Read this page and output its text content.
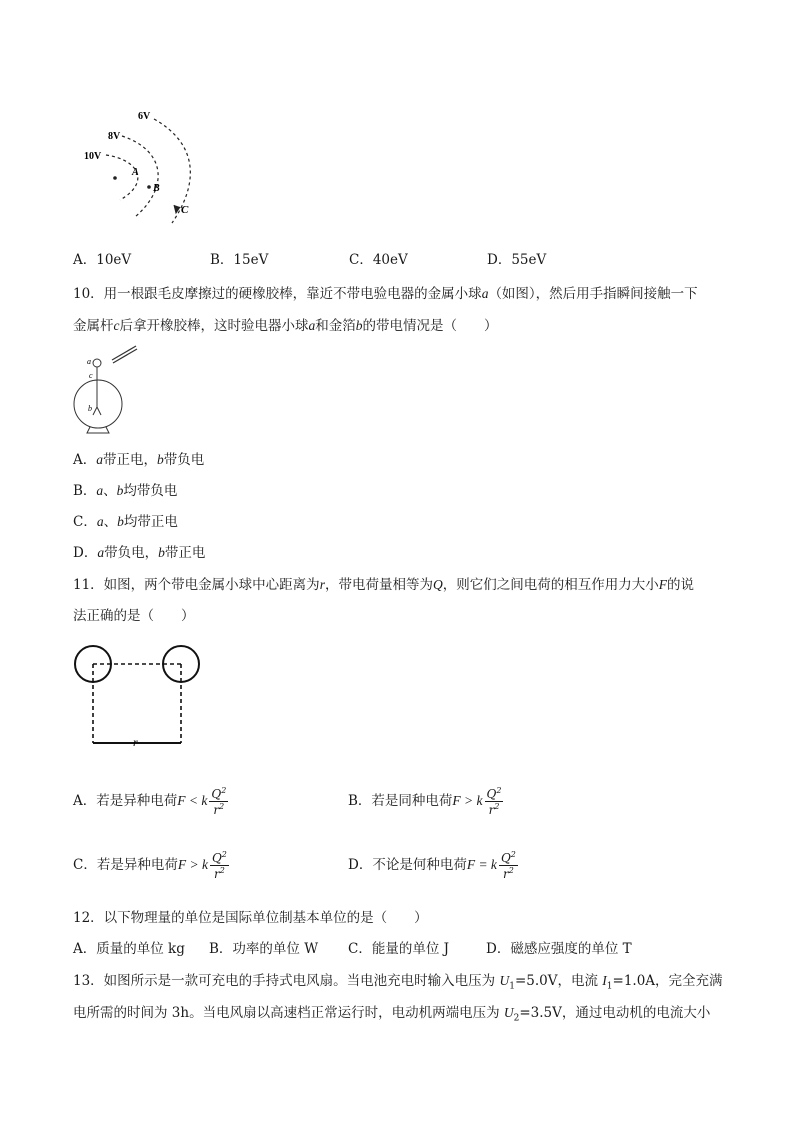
6V
8V
10V
A
B
C
A．10eV	B．15eV	C．40eV	D．55eV
10．用一根跟毛皮摩擦过的硬橡胶棒，靠近不带电验电器的金属小球a（如图），然后用手指瞬间接触一下
金属杆c后拿开橡胶棒，这时验电器小球a和金箔b的带电情况是（　　）
a
c
b
A．a带正电，b带负电
B．a、b均带负电
C．a、b均带正电
D．a带负电，b带正电
11．如图，两个带电金属小球中心距离为r，带电荷量相等为Q，则它们之间电荷的相互作用力大小F的说
法正确的是（　　）
r
A．若是异种电荷F < k $\frac{Q^2}{r^2}$	B．若是同种电荷F > k $\frac{Q^2}{r^2}$
C．若是异种电荷F > k $\frac{Q^2}{r^2}$	D．不论是何种电荷F = k $\frac{Q^2}{r^2}$
12．以下物理量的单位是国际单位制基本单位的是（　　）
A．质量的单位 kg B．功率的单位 W C．能量的单位 J	D．磁感应强度的单位 T
13．如图所示是一款可充电的手持式电风扇。当电池充电时输入电压为 $U_1=5.0V$，电流 $I_1=1.0A$，完全充满
电所需的时间为 3h。当电风扇以高速档正常运行时，电动机两端电压为 $U_2=3.5V$，通过电动机的电流大小
